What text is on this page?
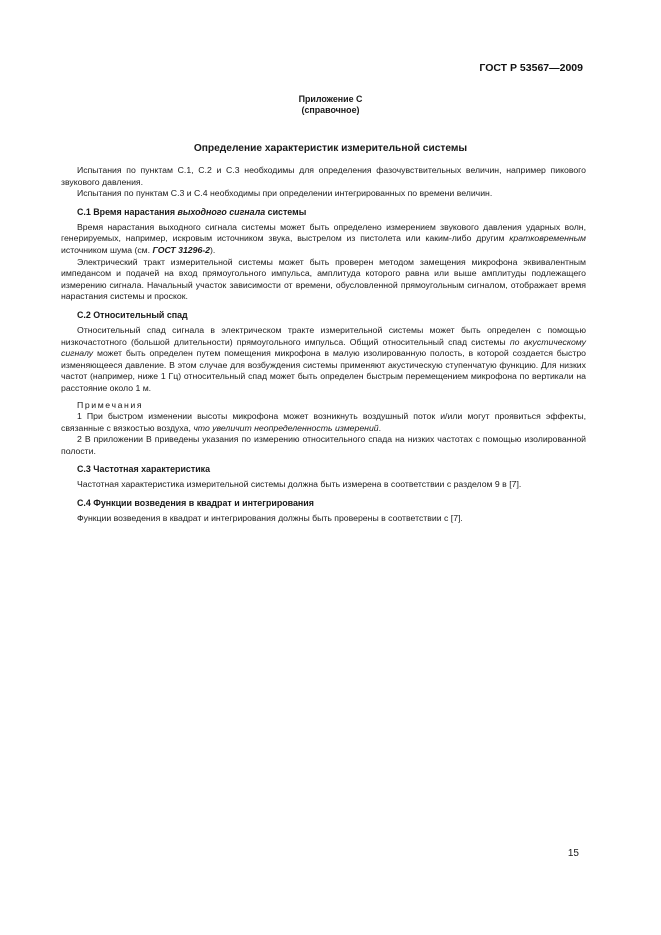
ГОСТ Р 53567—2009
Приложение С
(справочное)
Определение характеристик измерительной системы

Испытания по пунктам С.1, С.2 и С.3 необходимы для определения фазочувствительных величин, например пикового звукового давления.

Испытания по пунктам С.3 и С.4 необходимы при определении интегрированных по времени величин.

С.1 Время нарастания выходного сигнала системы

Время нарастания выходного сигнала системы может быть определено измерением звукового давления ударных волн, генерируемых, например, искровым источником звука, выстрелом из пистолета или каким-либо другим кратковременным источником шума (см. ГОСТ 31296-2).

Электрический тракт измерительной системы может быть проверен методом замещения микрофона эквивалентным импедансом и подачей на вход прямоугольного импульса, амплитуда которого равна или выше амплитуды подлежащего измерению сигнала. Начальный участок зависимости от времени, обусловленной прямоугольным сигналом, отображает время нарастания системы и проскок.

С.2 Относительный спад

Относительный спад сигнала в электрическом тракте измерительной системы может быть определен с помощью низкочастотного (большой длительности) прямоугольного импульса. Общий относительный спад системы по акустическому сигналу может быть определен путем помещения микрофона в малую изолированную полость, в которой создается быстро изменяющееся давление. В этом случае для возбуждения системы применяют акустическую ступенчатую функцию. Для низких частот (например, ниже 1 Гц) относительный спад может быть определен быстрым перемещением микрофона по вертикали на расстояние около 1 м.

Примечания

1 При быстром изменении высоты микрофона может возникнуть воздушный поток и/или могут проявиться эффекты, связанные с вязкостью воздуха, что увеличит неопределенность измерений.

2 В приложении В приведены указания по измерению относительного спада на низких частотах с помощью изолированной полости.

С.3 Частотная характеристика

Частотная характеристика измерительной системы должна быть измерена в соответствии с разделом 9 в [7].

С.4 Функции возведения в квадрат и интегрирования

Функции возведения в квадрат и интегрирования должны быть проверены в соответствии с [7].

15
